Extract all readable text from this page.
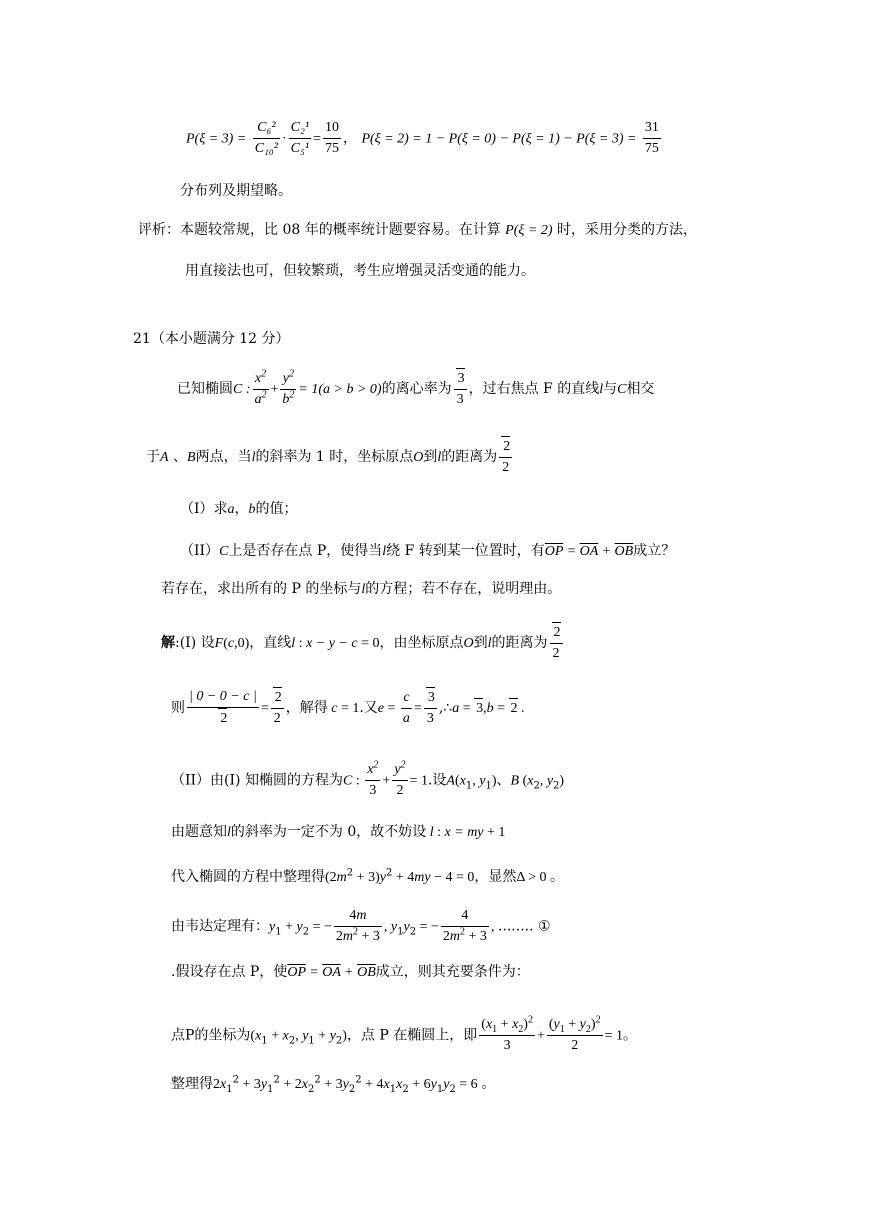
$P(\xi = 3) = \frac{\text{C₆²}}{\text{C₁₀²}} \cdot \frac{\text{C₂¹}}{\text{C₅¹}} = \frac{10}{75}$ ， $P(\xi = 2) = 1 - P(\xi = 0) - P(\xi = 1) - P(\xi = 3) = \frac{31}{75}$
分布列及期望略。
评析：本题较常规，比 08 年的概率统计题要容易。在计算 P(ξ = 2) 时，采用分类的方法，
用直接法也可，但较繁琐，考生应增强灵活变通的能力。
21（本小题满分 12 分）
已知椭圆C : $\frac{x^2}{a^2} + \frac{y^2}{b^2} = 1(a > b > 0)$的离心率为 $\frac{3}{3}$ ，过右焦点 F 的直线l与C相交
于A 、B两点，当l的斜率为 1 时，坐标原点O到l的距离为 $\frac{2}{2}$
（I）求a，b的值；
（II）C上是否存在点 P，使得当l绕 F 转到某一位置时，有$\overline{OP} = \overline{OA} + \overline{OB}$成立？
若存在，求出所有的 P 的坐标与l的方程；若不存在，说明理由。
解:(I) 设F(c,0)，直线l : x − y − c = 0，由坐标原点O到l的距离为 $\frac{2}{2}$
则 $\frac{| 0 - 0 - c |}{2} = \frac{2}{2}$ ，解得 c = 1.又$e = \frac{c}{a} = \frac{3}{3}$ ,∴a = 3,b = 2 .
（II）由(I) 知椭圆的方程为C : $\frac{x^2}{3} + \frac{y^2}{2} = 1$.设$A(x_1$, $y_1$)、B ($x_2$, $y_2$)
由题意知l的斜率为一定不为 0，故不妨设 l : x = my + 1
代入椭圆的方程中整理得$(2m^2 + 3)y^2 + 4my - 4 = 0$，显然Δ > 0 。
由韦达定理有：$y_1 + y_2$ = − $\frac{4m}{2m^2 + 3}$ , $y_1y_2$ = − $\frac{4}{2m^2 + 3}$ , ........ ①
.假设存在点 P，使$\overline{OP} = \overline{OA} + \overline{OB}$成立，则其充要条件为：
点P的坐标为($x_1 + x_2$, $y_1 + y_2$)，点 P 在椭圆上，即 $\frac{(x_1 + x_2)^2}{3} + \frac{(y_1 + y_2)^2}{2} = 1$。
整理得$2x_1^2 + 3y_1^2 + 2x_2^2 + 3y_2^2 + 4x_1x_2 + 6y_1y_2 = 6$ 。
